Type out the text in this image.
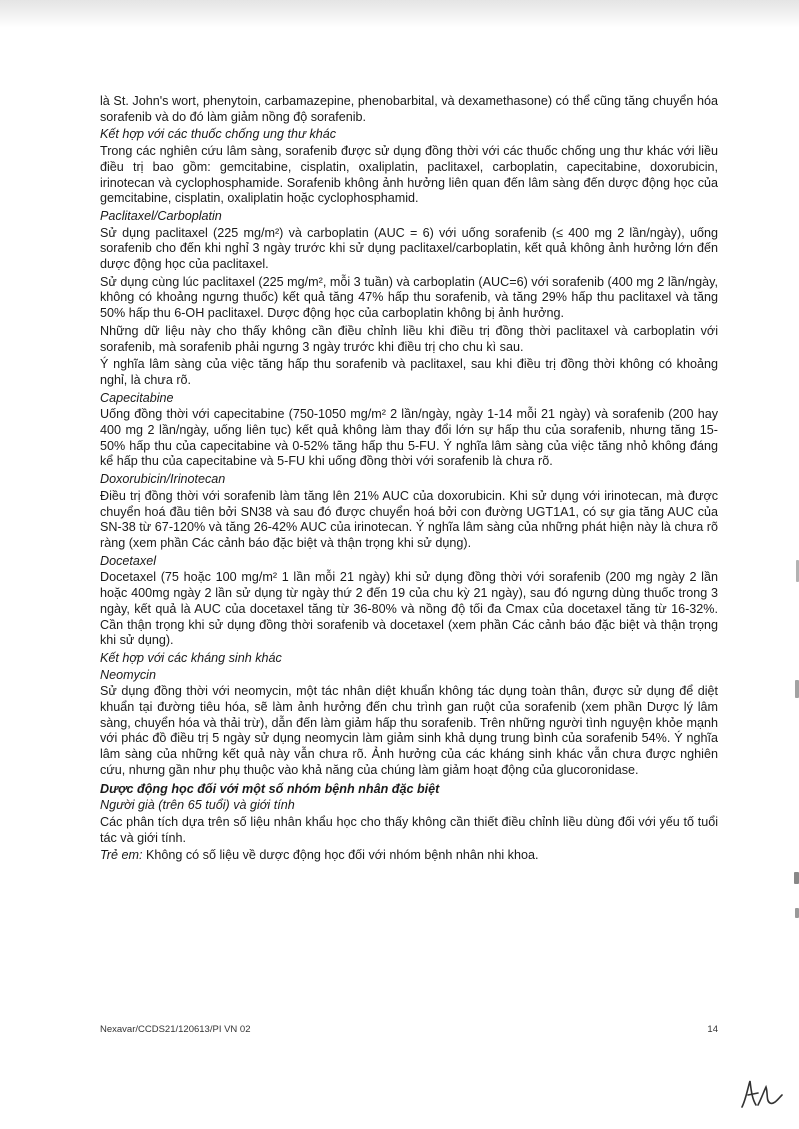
là St. John's wort, phenytoin, carbamazepine, phenobarbital, và dexamethasone) có thể cũng tăng chuyển hóa sorafenib và do đó làm giảm nồng độ sorafenib.

Kết hợp với các thuốc chống ung thư khác

Trong các nghiên cứu lâm sàng, sorafenib được sử dụng đồng thời với các thuốc chống ung thư khác với liều điều trị bao gồm: gemcitabine, cisplatin, oxaliplatin, paclitaxel, carboplatin, capecitabine, doxorubicin, irinotecan và cyclophosphamide. Sorafenib không ảnh hưởng liên quan đến lâm sàng đến dược động học của gemcitabine, cisplatin, oxaliplatin hoặc cyclophosphamid.

Paclitaxel/Carboplatin

Sử dụng paclitaxel (225 mg/m²) và carboplatin (AUC = 6) với uống sorafenib (≤ 400 mg 2 lần/ngày), uống sorafenib cho đến khi nghỉ 3 ngày trước khi sử dụng paclitaxel/carboplatin, kết quả không ảnh hưởng lớn đến dược động học của paclitaxel.

Sử dụng cùng lúc paclitaxel (225 mg/m², mỗi 3 tuần) và carboplatin (AUC=6) với sorafenib (400 mg 2 lần/ngày, không có khoảng ngưng thuốc) kết quả tăng 47% hấp thu sorafenib, và tăng 29% hấp thu paclitaxel và tăng 50% hấp thu 6-OH paclitaxel. Dược động học của carboplatin không bị ảnh hưởng.

Những dữ liệu này cho thấy không cần điều chỉnh liều khi điều trị đồng thời paclitaxel và carboplatin với sorafenib, mà sorafenib phải ngưng 3 ngày trước khi điều trị cho chu kì sau.

Ý nghĩa lâm sàng của việc tăng hấp thu sorafenib và paclitaxel, sau khi điều trị đồng thời không có khoảng nghỉ, là chưa rõ.

Capecitabine

Uống đồng thời với capecitabine (750-1050 mg/m² 2 lần/ngày, ngày 1-14 mỗi 21 ngày) và sorafenib (200 hay 400 mg 2 lần/ngày, uống liên tục) kết quả không làm thay đổi lớn sự hấp thu của sorafenib, nhưng tăng 15-50% hấp thu của capecitabine và 0-52% tăng hấp thu 5-FU. Ý nghĩa lâm sàng của việc tăng nhỏ không đáng kể hấp thu của capecitabine và 5-FU khi uống đồng thời với sorafenib là chưa rõ.

Doxorubicin/Irinotecan

Điều trị đồng thời với sorafenib làm tăng lên 21% AUC của doxorubicin. Khi sử dụng với irinotecan, mà được chuyển hoá đầu tiên bởi SN38 và sau đó được chuyển hoá bởi con đường UGT1A1, có sự gia tăng AUC của SN-38 từ 67-120% và tăng 26-42% AUC của irinotecan. Ý nghĩa lâm sàng của những phát hiện này là chưa rõ ràng (xem phần Các cảnh báo đặc biệt và thận trọng khi sử dụng).

Docetaxel

Docetaxel (75 hoặc 100 mg/m² 1 lần mỗi 21 ngày) khi sử dụng đồng thời với sorafenib (200 mg ngày 2 lần hoặc 400mg ngày 2 lần sử dụng từ ngày thứ 2 đến 19 của chu kỳ 21 ngày), sau đó ngưng dùng thuốc trong 3 ngày, kết quả là AUC của docetaxel tăng từ 36-80% và nồng độ tối đa Cmax của docetaxel tăng từ 16-32%. Cần thận trọng khi sử dụng đồng thời sorafenib và docetaxel (xem phần Các cảnh báo đặc biệt và thận trọng khi sử dụng).

Kết hợp với các kháng sinh khác

Neomycin

Sử dụng đồng thời với neomycin, một tác nhân diệt khuẩn không tác dụng toàn thân, được sử dụng để diệt khuẩn tại đường tiêu hóa, sẽ làm ảnh hưởng đến chu trình gan ruột của sorafenib (xem phần Dược lý lâm sàng, chuyển hóa và thải trừ), dẫn đến làm giảm hấp thu sorafenib. Trên những người tình nguyện khỏe mạnh với phác đồ điều trị 5 ngày sử dụng neomycin làm giảm sinh khả dụng trung bình của sorafenib 54%. Ý nghĩa lâm sàng của những kết quả này vẫn chưa rõ. Ảnh hưởng của các kháng sinh khác vẫn chưa được nghiên cứu, nhưng gần như phụ thuộc vào khả năng của chúng làm giảm hoạt động của glucoronidase.

Dược động học đối với một số nhóm bệnh nhân đặc biệt

Người già (trên 65 tuổi) và giới tính

Các phân tích dựa trên số liệu nhân khẩu học cho thấy không cần thiết điều chỉnh liều dùng đối với yếu tố tuổi tác và giới tính.

Trẻ em: Không có số liệu về dược động học đối với nhóm bệnh nhân nhi khoa.

Nexavar/CCDS21/120613/PI VN 02	14
